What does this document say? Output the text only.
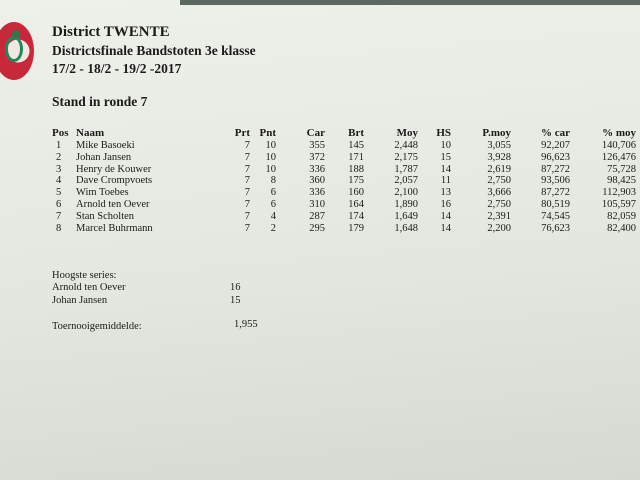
District TWENTE
Districtsfinale Bandstoten 3e klasse
17/2 - 18/2 - 19/2 -2017
Stand in ronde 7
Pos Naam	Prt Pnt	Car Brt	Moy HS	P.moy	% car	% moy
1 Mike Basoeki	7 10	355 145	2,448 10	3,055	92,207	140,706
2 Johan Jansen	7 10	372 171	2,175 15	3,928	96,623	126,476
3 Henry de Kouwer	7 10	336 188	1,787 14	2,619	87,272	75,728
4 Dave Crompvoets	7 8	360 175	2,057 11	2,750	93,506	98,425
5 Wim Toebes	7 6	336 160	2,100 13	3,666	87,272	112,903
6 Arnold ten Oever	7 6	310 164	1,890 16	2,750	80,519	105,597
7 Stan Scholten	7 4	287 174	1,649 14	2,391	74,545	82,059
8 Marcel Buhrmann	7 2	295 179	1,648 14	2,200	76,623	82,400
Hoogste series:
Arnold ten Oever	16
Johan Jansen	15
Toernooigemiddelde:	1,955
